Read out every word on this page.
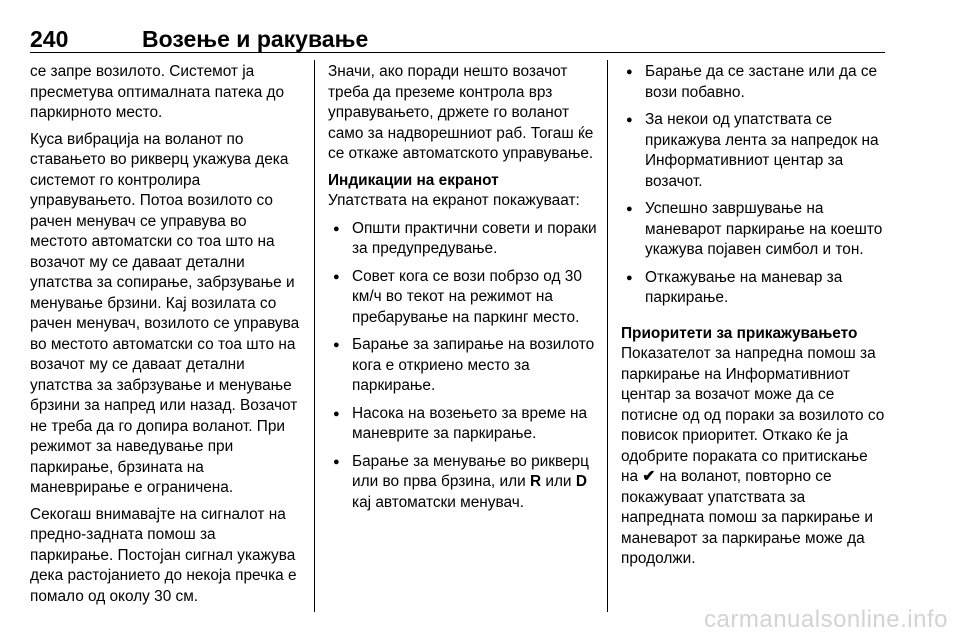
240	Возење и ракување

се запре возилото. Системот ја пресметува оптималната патека до паркирното место.

Куса вибрација на воланот по ставањето во рикверц укажува дека системот го контролира управувањето. Потоа возилото со рачен менувач се управува во местото автоматски со тоа што на возачот му се даваат детални упатства за сопирање, забрзување и менување брзини. Кај возилата со рачен менувач, возилото се управува во местото автоматски со тоа што на возачот му се даваат детални упатства за забрзување и менување брзини за напред или назад. Возачот не треба да го допира воланот. При режимот за наведување при паркирање, брзината на маневрирање е ограничена.

Секогаш внимавајте на сигналот на предно-задната помош за паркирање. Постојан сигнал укажува дека растојанието до некоја пречка е помало од околу 30 см.

Значи, ако поради нешто возачот треба да преземе контрола врз управувањето, држете го воланот само за надворешниот раб. Тогаш ќе се откаже автоматското управување.

Индикации на екранот

Упатствата на екранот покажуваат:

● Општи практични совети и пораки за предупредување.
● Совет кога се вози побрзо од 30 км/ч во текот на режимот на пребарување на паркинг место.
● Барање за запирање на возилото кога е откриено место за паркирање.
● Насока на возењето за време на маневрите за паркирање.
● Барање за менување во рикверц или во прва брзина, или R или D кај автоматски менувач.
● Барање да се застане или да се вози побавно.
● За некои од упатствата се прикажува лента за напредок на Информативниот центар за возачот.
● Успешно завршување на маневарот паркирање на коешто укажува појавен симбол и тон.
● Откажување на маневар за паркирање.
Приоритети за прикажувањето

Показателот за напредна помош за паркирање на Информативниот центар за возачот може да се потисне од од пораки за возилото со повисок приоритет. Откако ќе ја одобрите пораката со притискање на ✔ на воланот, повторно се покажуваат упатствата за напредната помош за паркирање и маневарот за паркирање може да продолжи.

carmanualsonline.info
